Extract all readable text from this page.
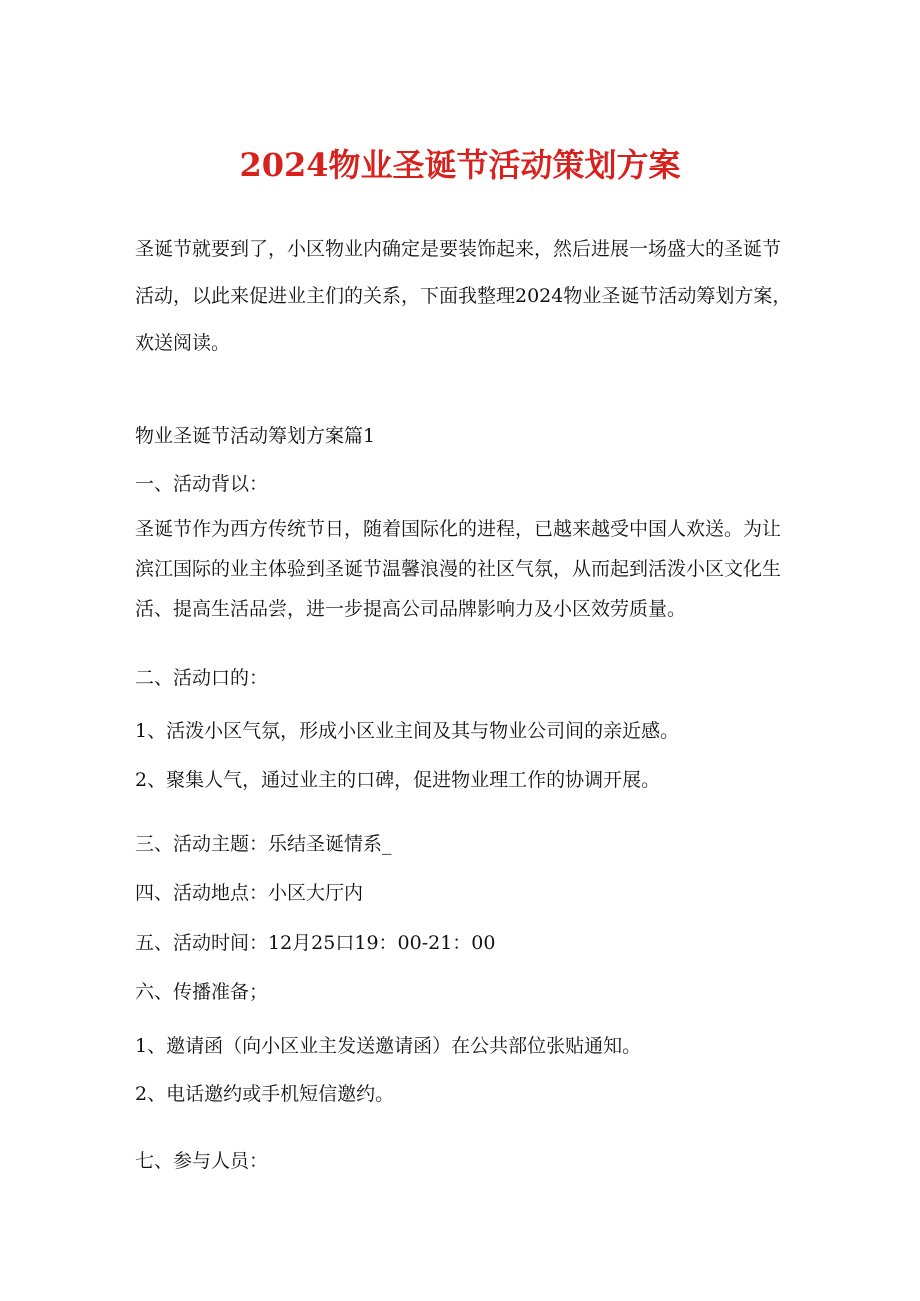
2024物业圣诞节活动策划方案

圣诞节就要到了，小区物业内确定是要装饰起来，然后进展一场盛大的圣诞节活动，以此来促进业主们的关系，下面我整理2024物业圣诞节活动筹划方案，欢送阅读。

物业圣诞节活动筹划方案篇1
一、活动背以：

圣诞节作为西方传统节日，随着国际化的进程，已越来越受中国人欢送。为让滨江国际的业主体验到圣诞节温馨浪漫的社区气氛，从而起到活泼小区文化生活、提高生活品尝，进一步提高公司品牌影响力及小区效劳质量。

二、活动口的：
1、活泼小区气氛，形成小区业主间及其与物业公司间的亲近感。
2、聚集人气，通过业主的口碑，促进物业理工作的协调开展。
三、活动主题：乐结圣诞情系_
四、活动地点：小区大厅内
五、活动时间：12月25口19：00-21：00
六、传播准备；
1、邀请函（向小区业主发送邀请函）在公共部位张贴通知。
2、电话邀约或手机短信邀约。
七、参与人员：
